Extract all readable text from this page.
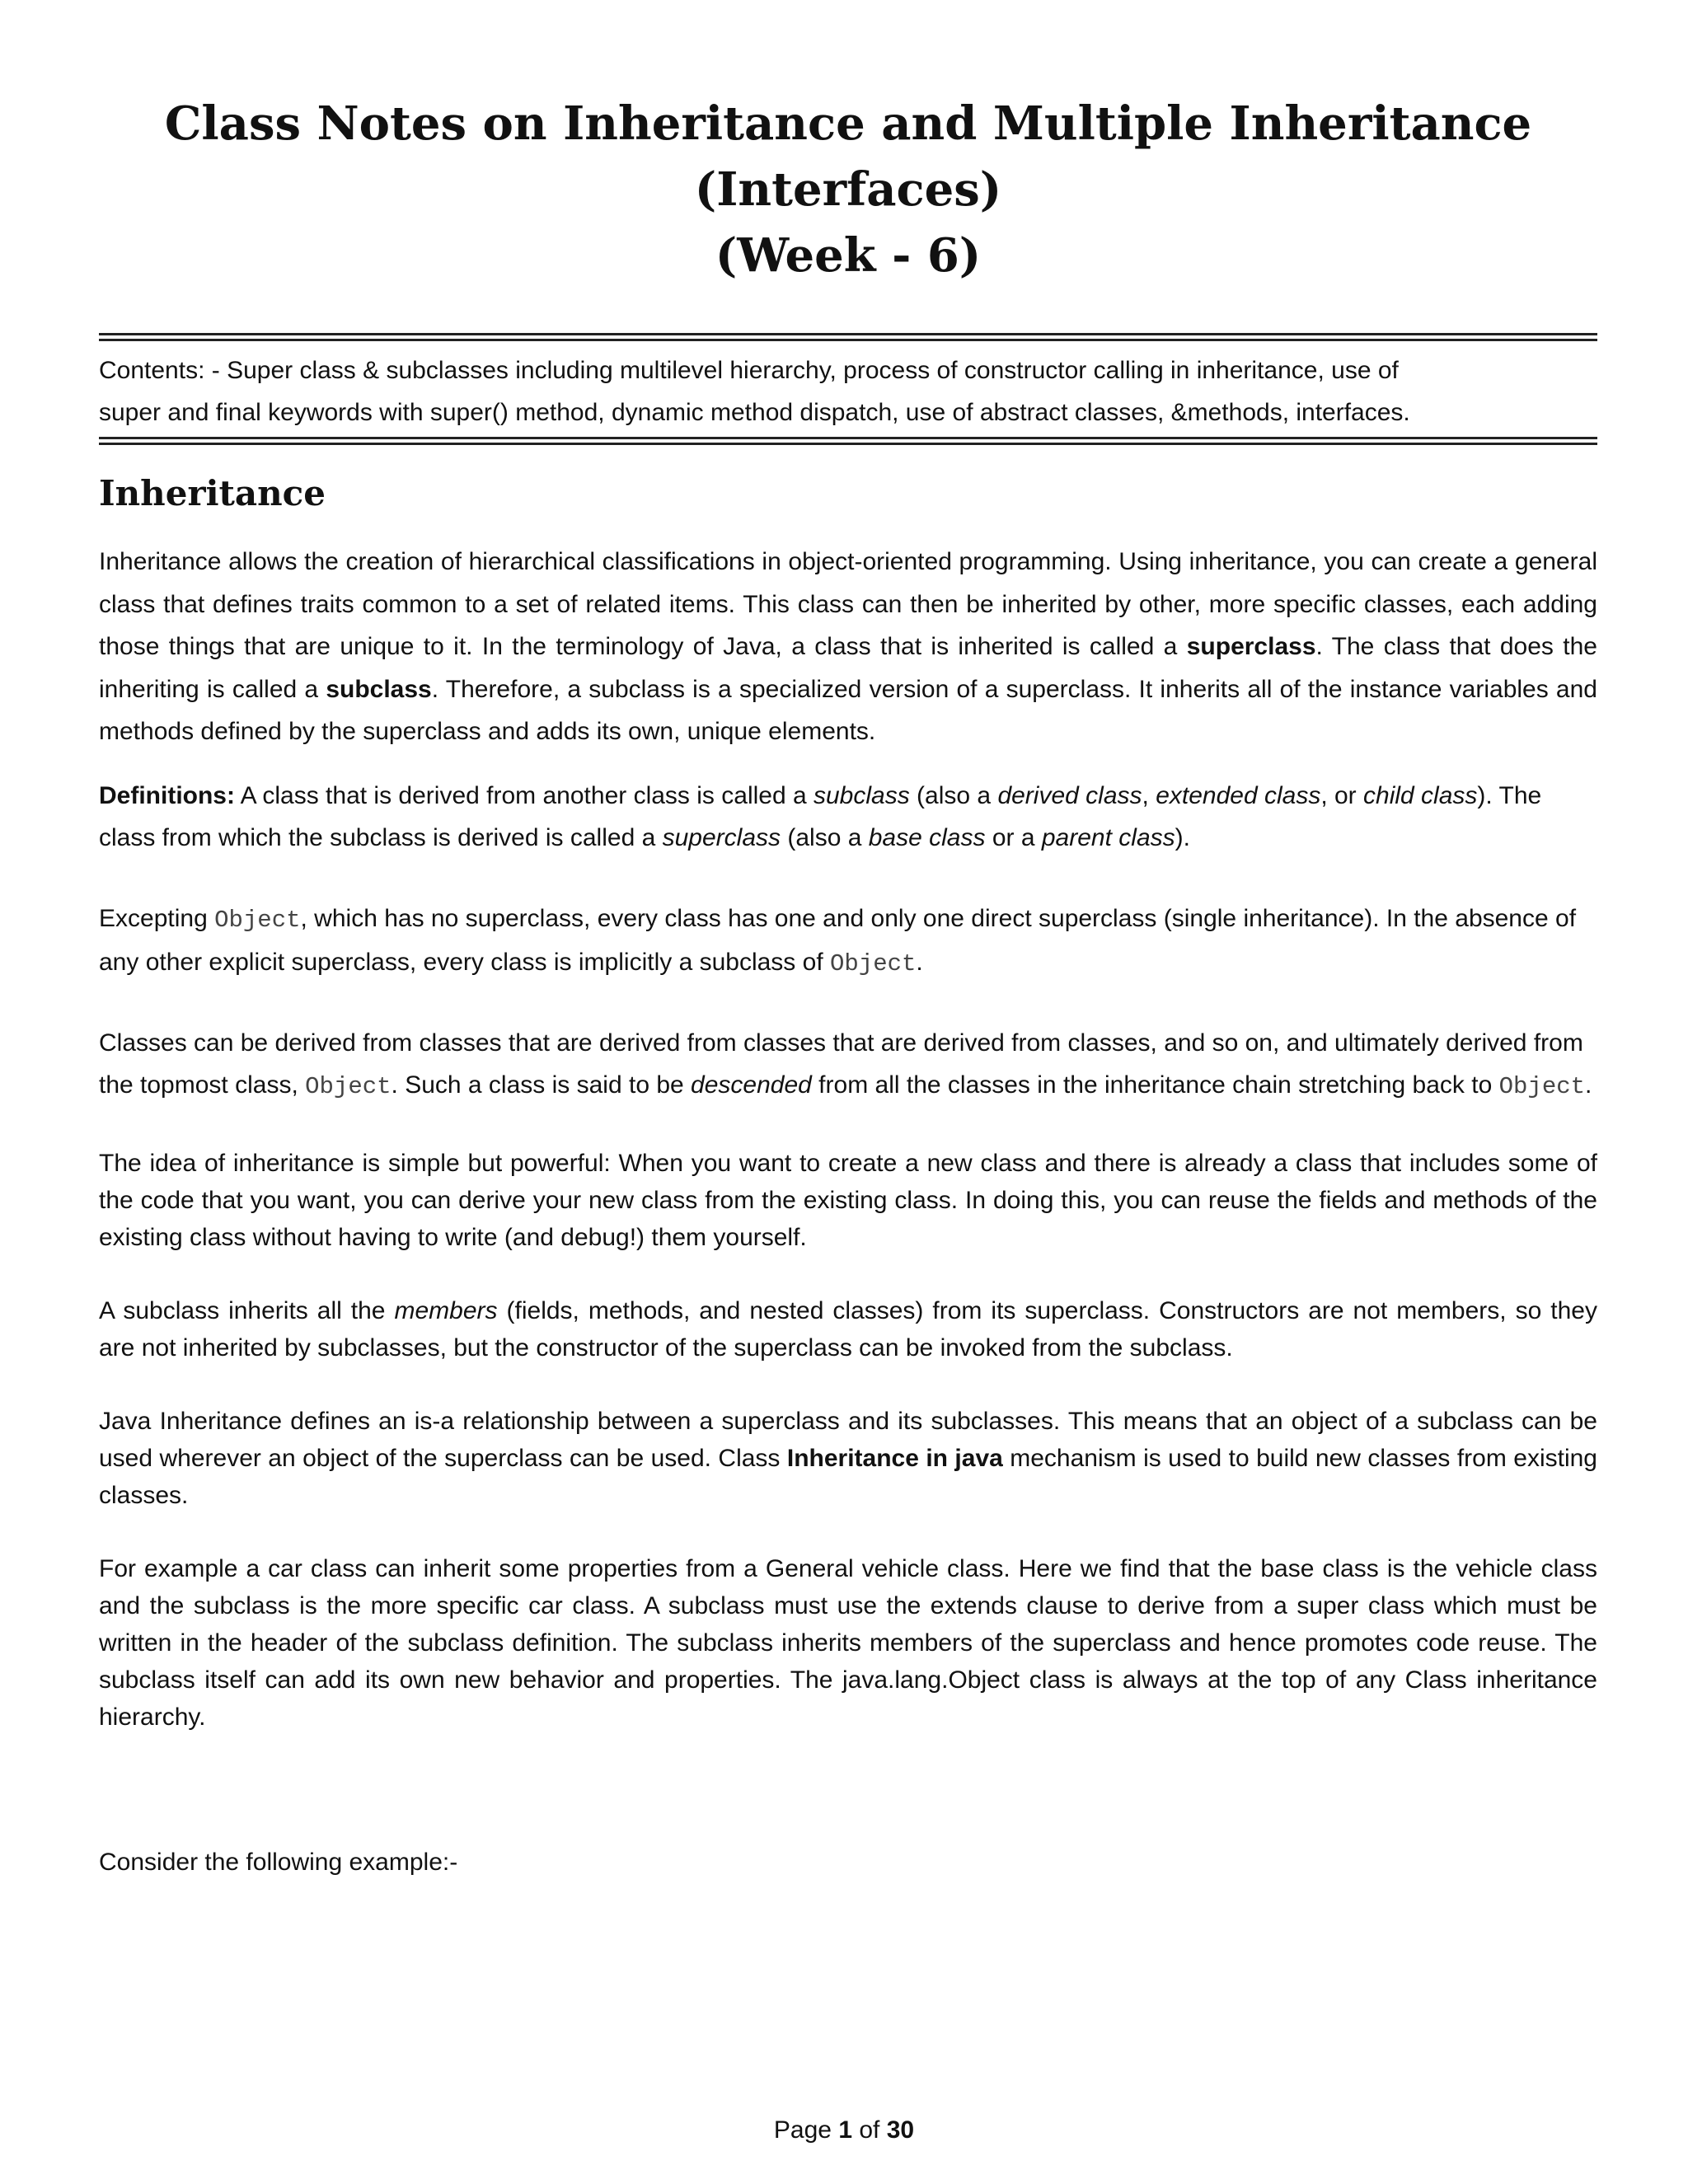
Class Notes on Inheritance and Multiple Inheritance (Interfaces)
(Week - 6)
Contents: - Super class & subclasses including multilevel hierarchy, process of constructor calling in inheritance, use of
super and final keywords with super() method, dynamic method dispatch, use of abstract classes, &methods, interfaces.
Inheritance

Inheritance allows the creation of hierarchical classifications in object-oriented programming. Using inheritance, you can create a general class that defines traits common to a set of related items. This class can then be inherited by other, more specific classes, each adding those things that are unique to it. In the terminology of Java, a class that is inherited is called a superclass. The class that does the inheriting is called a subclass. Therefore, a subclass is a specialized version of a superclass. It inherits all of the instance variables and methods defined by the superclass and adds its own, unique elements.

Definitions: A class that is derived from another class is called a subclass (also a derived class, extended class, or child class). The class from which the subclass is derived is called a superclass (also a base class or a parent class).

Excepting Object, which has no superclass, every class has one and only one direct superclass (single inheritance). In the absence of any other explicit superclass, every class is implicitly a subclass of Object.

Classes can be derived from classes that are derived from classes that are derived from classes, and so on, and ultimately derived from the topmost class, Object. Such a class is said to be descended from all the classes in the inheritance chain stretching back to Object.

The idea of inheritance is simple but powerful: When you want to create a new class and there is already a class that includes some of the code that you want, you can derive your new class from the existing class. In doing this, you can reuse the fields and methods of the existing class without having to write (and debug!) them yourself.

A subclass inherits all the members (fields, methods, and nested classes) from its superclass. Constructors are not members, so they are not inherited by subclasses, but the constructor of the superclass can be invoked from the subclass.

Java Inheritance defines an is-a relationship between a superclass and its subclasses. This means that an object of a subclass can be used wherever an object of the superclass can be used. Class Inheritance in java mechanism is used to build new classes from existing classes.

For example a car class can inherit some properties from a General vehicle class. Here we find that the base class is the vehicle class and the subclass is the more specific car class. A subclass must use the extends clause to derive from a super class which must be written in the header of the subclass definition. The subclass inherits members of the superclass and hence promotes code reuse. The subclass itself can add its own new behavior and properties. The java.lang.Object class is always at the top of any Class inheritance hierarchy.

Consider the following example:-

Page 1 of 30
